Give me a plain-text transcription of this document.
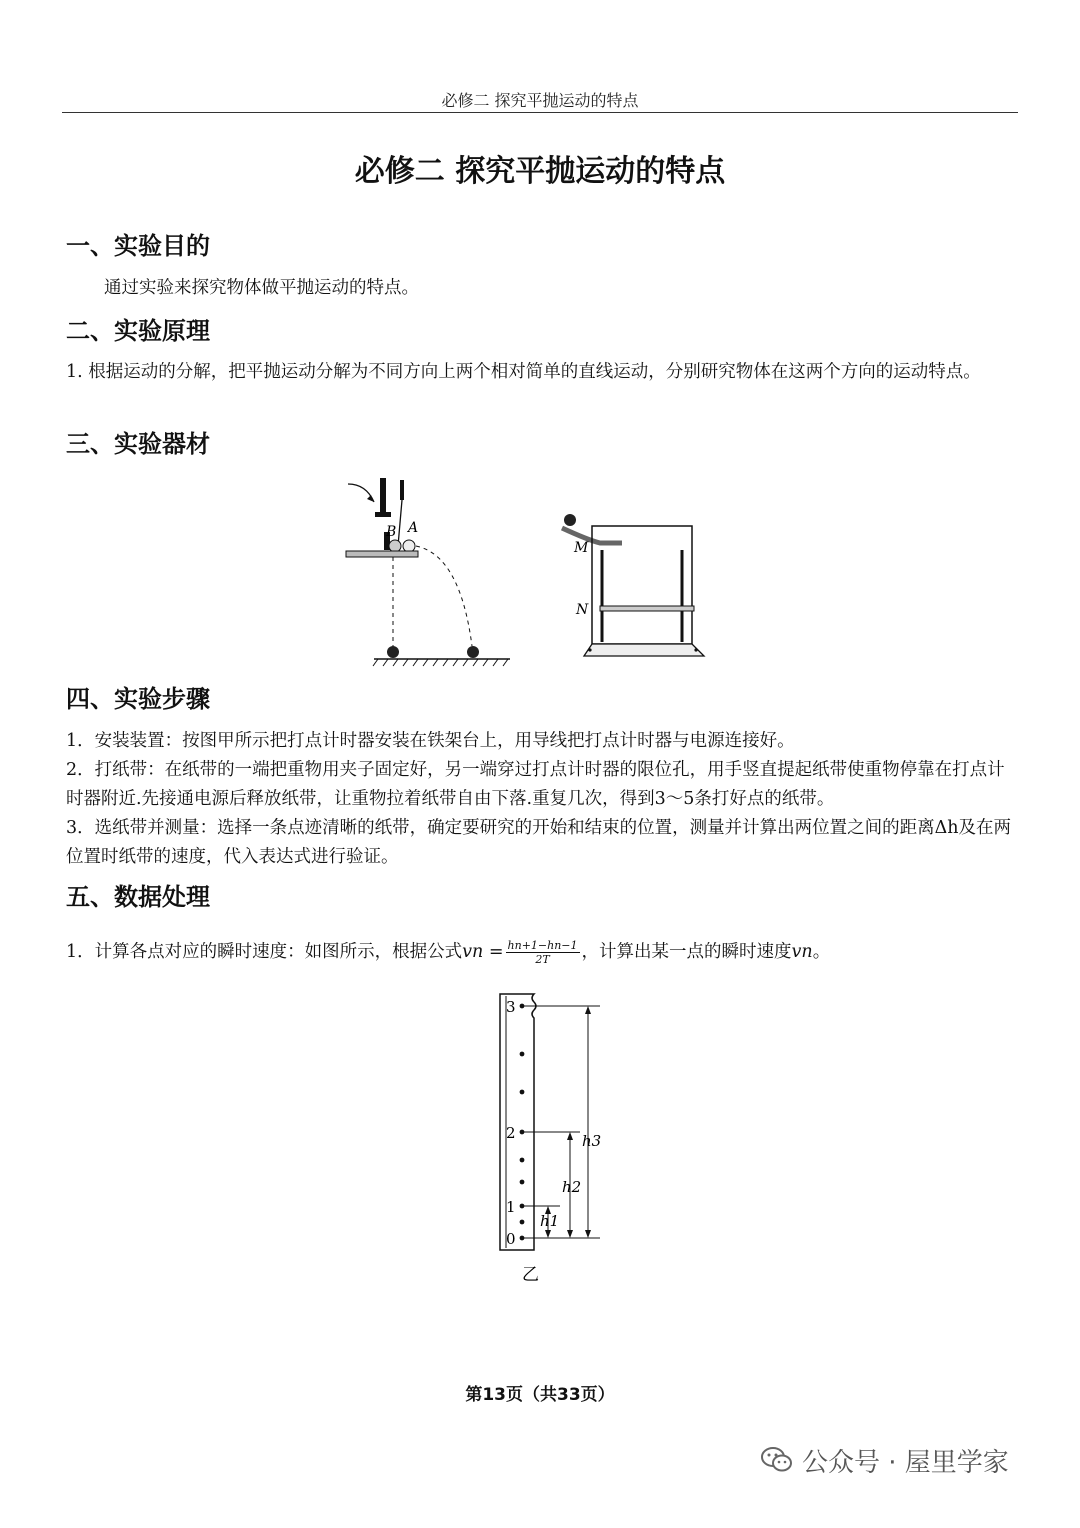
必修二 探究平抛运动的特点
必修二 探究平抛运动的特点
一、实验目的
通过实验来探究物体做平抛运动的特点。
二、实验原理
1. 根据运动的分解，把平抛运动分解为不同方向上两个相对简单的直线运动，分别研究物体在这两个方向的运动特点。
三、实验器材
B A
M
N
四、实验步骤
1．安装装置：按图甲所示把打点计时器安装在铁架台上，用导线把打点计时器与电源连接好。
2．打纸带：在纸带的一端把重物用夹子固定好，另一端穿过打点计时器的限位孔，用手竖直提起纸带使重物停靠在打点计时器附近.先接通电源后释放纸带，让重物拉着纸带自由下落.重复几次，得到3～5条打好点的纸带。
3．选纸带并测量：选择一条点迹清晰的纸带，确定要研究的开始和结束的位置，测量并计算出两位置之间的距离Δh及在两位置时纸带的速度，代入表达式进行验证。
五、数据处理
1．计算各点对应的瞬时速度：如图所示，根据公式vn = $\frac{hn+1-hn-1}{2T}$ ，计算出某一点的瞬时速度vn。
3
2
1
0
h3
h2
h1
乙
第13页（共33页）
公众号 · 屋里学家
